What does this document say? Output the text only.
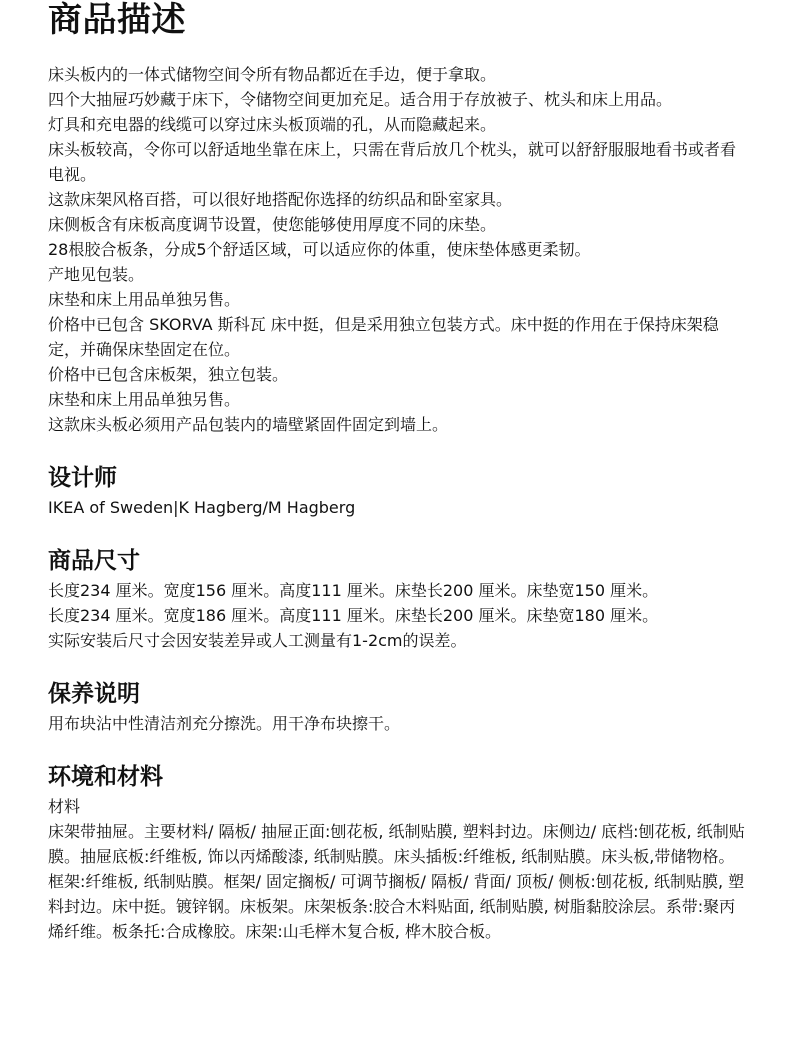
商品描述
床头板内的一体式储物空间令所有物品都近在手边，便于拿取。
四个大抽屉巧妙藏于床下，令储物空间更加充足。适合用于存放被子、枕头和床上用品。
灯具和充电器的线缆可以穿过床头板顶端的孔，从而隐藏起来。
床头板较高，令你可以舒适地坐靠在床上，只需在背后放几个枕头，就可以舒舒服服地看书或者看电视。
这款床架风格百搭，可以很好地搭配你选择的纺织品和卧室家具。
床侧板含有床板高度调节设置，使您能够使用厚度不同的床垫。
28根胶合板条，分成5个舒适区域，可以适应你的体重，使床垫体感更柔韧。
产地见包装。
床垫和床上用品单独另售。
价格中已包含 SKORVA 斯科瓦 床中挺，但是采用独立包装方式。床中挺的作用在于保持床架稳定，并确保床垫固定在位。
价格中已包含床板架，独立包装。
床垫和床上用品单独另售。
这款床头板必须用产品包装内的墙壁紧固件固定到墙上。
设计师

IKEA of Sweden|K Hagberg/M Hagberg

商品尺寸

长度234 厘米。宽度156 厘米。高度111 厘米。床垫长200 厘米。床垫宽150 厘米。

长度234 厘米。宽度186 厘米。高度111 厘米。床垫长200 厘米。床垫宽180 厘米。

实际安装后尺寸会因安装差异或人工测量有1-2cm的误差。

保养说明

用布块沾中性清洁剂充分擦洗。用干净布块擦干。

环境和材料

材料

床架带抽屉。主要材料/ 隔板/ 抽屉正面:刨花板, 纸制贴膜, 塑料封边。床侧边/ 底档:刨花板, 纸制贴膜。抽屉底板:纤维板, 饰以丙烯酸漆, 纸制贴膜。床头插板:纤维板, 纸制贴膜。床头板,带储物格。框架:纤维板, 纸制贴膜。框架/ 固定搁板/ 可调节搁板/ 隔板/ 背面/ 顶板/ 侧板:刨花板, 纸制贴膜, 塑料封边。床中挺。镀锌钢。床板架。床架板条:胶合木料贴面, 纸制贴膜, 树脂黏胶涂层。系带:聚丙烯纤维。板条托:合成橡胶。床架:山毛榉木复合板, 桦木胶合板。
